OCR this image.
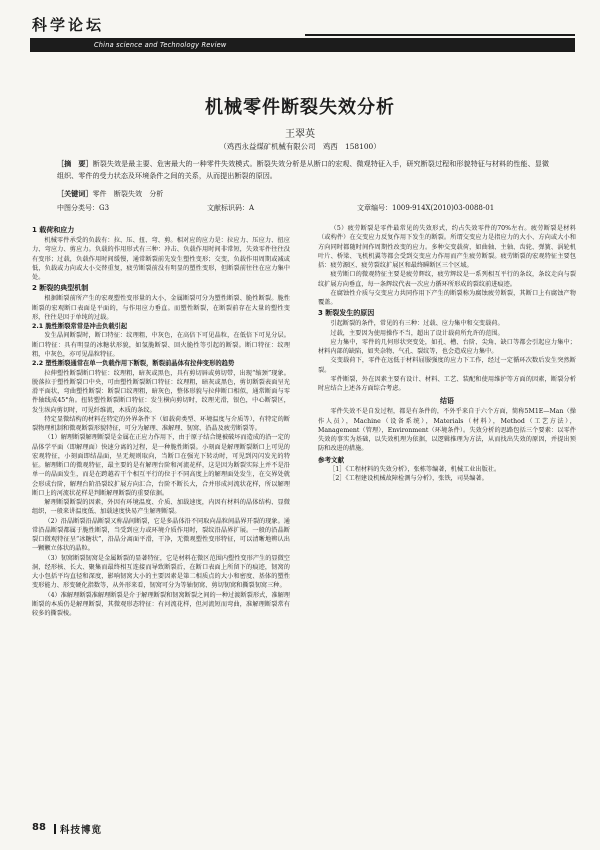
科学论坛
China science and Technology Review
机械零件断裂失效分析
王翠英
（鸡西永益煤矿机械有限公司　鸡西　158100）
［摘　要］断裂失效是最主要、危害最大的一种零件失效模式。断裂失效分析是从断口的宏观、微观特征入手，研究断裂过程和形貌特征与材料的性能、显微组织、零件的受力状态及环境条件之间的关系，从而提出断裂的原因。
［关键词］零件　断裂失效　分析
中图分类号：G3	文献标识码：A	文章编号：1009-914X(2010)03-0088-01
1 载荷和应力

机械零件承受的负载有：拉、压、扭、弯、剪。相对应的应力是：拉应力、压应力、扭应力、弯应力、剪应力。负载的作用形式有三种：冲击、负载作用时间非常短，失效零件往往没有变形；过载，负载作用时间缓慢，通常断裂前先发生塑性变形；交变，负载作用周期或减或低，负载或力向或大小交替重复，疲劳断裂前没有明显的塑性变形，但断裂前往往在应力集中处。

2 断裂的典型机制

根据断裂前所产生的宏观塑性变形量的大小，金属断裂可分为塑性断裂、脆性断裂。脆性断裂的宏观断口表面是平面的，与作用应力垂直。而塑性断裂，在断裂前存在大量的塑性变形，往往是因于单纯的过载。

2.1 脆性断裂常常是冲击负载引起

发生晶间断裂时，断口特征：纹理粗，中灰色，在高倍下可见晶粒，在低倍下可见分层。断口特征：具有明显的冰糖状形貌，如氢脆断裂、回火脆性等引起的断裂。断口特征：纹理粗，中灰色，亦可见晶粒特征。

2.2 塑性断裂通常在单一负载作用下断裂，断裂前晶体有拉伸变形的趋势

拉伸塑性断裂断口特征：纹理粗，暗灰或黑色，具有剪切唇或剪切带，出现“缩颈”现象。脱落拉于塑性断裂口中央，可由塑性断裂断口特征：纹理粗，暗灰或黑色，剪切断裂表面呈光滑平面状，弯曲塑性断裂：断裂口纹理粗，暗灰色，整体形貌与拉伸断口相似，通常断面与零件轴线成45°角。扭转塑性断裂断口特征：发生横向剪切时，纹理光滑，银色，中心断裂区，发生纵向剪切时，可见纤维流，木质的条纹。

特定显微结构的材料在特定的外界条件下（如载荷类型、环境温度与介质等），有特定的断裂物理机制和微观断裂形貌特征，可分为解理、准解理、韧窝、沿晶及疲劳断裂等。

（1）解理断裂解理断裂是金属在正应力作用下，由于原子结合键被破坏而造成的沿一定的晶体学平面（即解理面）快速分离的过程，是一种脆性断裂。小刻面是解理断裂断口上可见的宏观特征，小刻面即结晶面，呈无规则取向，当断口在强光下转动时，可见到闪闪发光的特征。解理断口的微观特征，最主要的是有解理台阶和河流花样，这是因为断裂实际上并不是沿单一的晶面发生，而是在跨越若干个相互平行的位于不同高度上的解理面处发生，在交界处就会形成台阶，解理台阶沿裂纹扩展方向汇合，台阶不断长大，合并形成河流状花样，所以解理断口上的河流状花样是判断解理断裂的重要依据。

解理断裂断裂的因素，外因有环境温度、介质、加载速度，内因有材料的晶体结构、显微组织，一般来讲温度低、加载速度快易产生解理断裂。

（2）沿晶断裂沿晶断裂又称晶间断裂，它是多晶体沿不同取向晶粒间晶界开裂的现象。通常沿晶断裂都属于脆性断裂，当受到应力或环境介质作用时，裂纹沿晶界扩展。一般的沿晶断裂口微观特征呈“冰糖状”，沿晶分离面平滑，干净，无微观塑性变形特征，可以清晰地辨认出一颗颗立体状的晶粒。

（3）韧窝断裂韧窝是金属断裂的显著特征，它是材料在微区范围内塑性变形产生的显微空洞，经形核、长大、聚集而最终相互连接而导致断裂后，在断口表面上所留下的痕迹，韧窝的大小包括平均直径和深度，影响韧窝大小的主要因素是第二相质点的大小和密度、基体的塑性变形能力、形变硬化指数等，从外形来看，韧窝可分为等轴韧窝、剪切韧窝和撕裂韧窝三种。

（4）准解理断裂准解理断裂是介于解理断裂和韧窝断裂之间的一种过渡断裂形式，准解理断裂的本质仍是解理断裂，其微观形态特征：有河流花样，但河流短而弯曲，准解理断裂常有较多的撕裂棱。

（5）疲劳断裂是零件最常见的失效形式，约占失效零件的70%左右。疲劳断裂是材料（或构件）在交变应力反复作用下发生的断裂。所谓交变应力是指应力的大小、方向或大小和方向同时都随时间作周期性改变的应力。多种交变载荷，如曲轴、主轴、齿轮、弹簧、涡轮机叶片、桥梁、飞机机翼等都会受到交变应力作用而产生疲劳断裂。疲劳断裂的宏观特征主要包括：疲劳源区、疲劳裂纹扩展区和最终瞬断区三个区域。

疲劳断口的微观特征主要是疲劳辉纹，疲劳辉纹是一系列相互平行的条纹，条纹走向与裂纹扩展方向垂直，每一条辉纹代表一次应力循环所形成的裂纹前进痕迹。

在腐蚀性介质与交变应力共同作用下产生的断裂称为腐蚀疲劳断裂，其断口上有腐蚀产物覆盖。

3 断裂发生的原因

引起断裂的条件，常见的有三种：过载、应力集中和交变载荷。

过载，主要因为使用操作不当，超出了设计载荷所允许的范围。

应力集中，零件的几何形状突变处，如孔、槽、台阶、尖角、缺口等都会引起应力集中；材料内部的缺陷，如夹杂物、气孔、裂纹等，也会造成应力集中。

交变载荷下，零件在远低于材料屈服强度的应力下工作，经过一定循环次数后发生突然断裂。

零件断裂，外在因素主要有设计、材料、工艺、装配和使用维护等方面的因素，断裂分析时应结合上述各方面综合考虑。

结语

零件失效不是自发过程，都是有条件的，不外乎来自于六个方面，简称5M1E—Man（操作人员），Machine（设备系统），Materials（材料），Method（工艺方法），Management（管理），Environment（环境条件）。失效分析的思路包括三个要素：以零件失效的事实为基础，以失效机理为依据，以逻辑推理为方法，从而找出失效的原因，并提出预防和改进的措施。

参考文献

［1］《工程材料的失效分析》，张栋等编著，机械工业出版社。

［2］《工程建设机械故障检测与分析》，张铁，司昊编著。

88 科技博览
